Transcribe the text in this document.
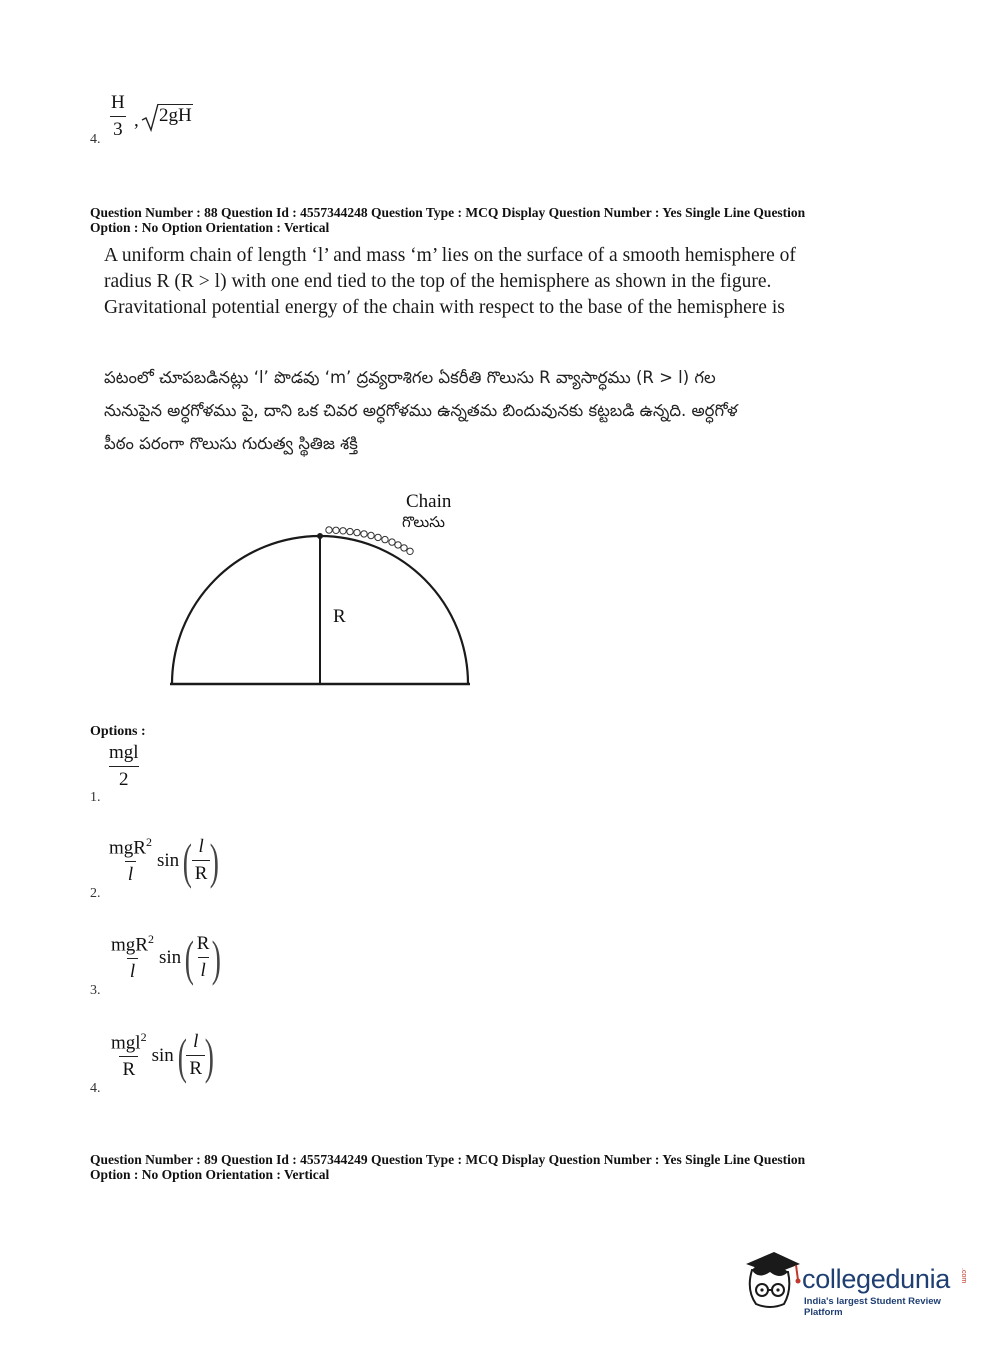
4. $\frac{H}{3}$ , 2gH
Question Number : 88 Question Id : 4557344248 Question Type : MCQ Display Question Number : Yes Single Line Question
Option : No Option Orientation : Vertical
A uniform chain of length ‘l’ and mass ‘m’ lies on the surface of a smooth hemisphere of
radius R (R > l) with one end tied to the top of the hemisphere as shown in the figure.
Gravitational potential energy of the chain with respect to the base of the hemisphere is
పటంలో చూపబడినట్లు ‘l’ పొడవు ‘m’ ద్రవ్యరాశిగల ఏకరీతి గొలుసు R వ్యాసార్ధము (R > l) గల
నునుపైన అర్ధగోళము పై, దాని ఒక చివర అర్ధగోళము ఉన్నతమ బిందువునకు కట్టబడి ఉన్నది. అర్ధగోళ
పీఠం పరంగా గొలుసు గురుత్వ స్థితిజ శక్తి
Chain
గొలుసు
R
Options :
1.
mgl
2
2.
$\frac{mgR^2}{l}$ sin ( $\frac{l}{R}$ )
3.
$\frac{mgR^2}{l}$ sin ( $\frac{R}{l}$ )
4.
$\frac{mgl^2}{R}$ sin ( $\frac{l}{R}$ )
Question Number : 89 Question Id : 4557344249 Question Type : MCQ Display Question Number : Yes Single Line Question
Option : No Option Orientation : Vertical
collegedunia .com
India's largest Student Review Platform
